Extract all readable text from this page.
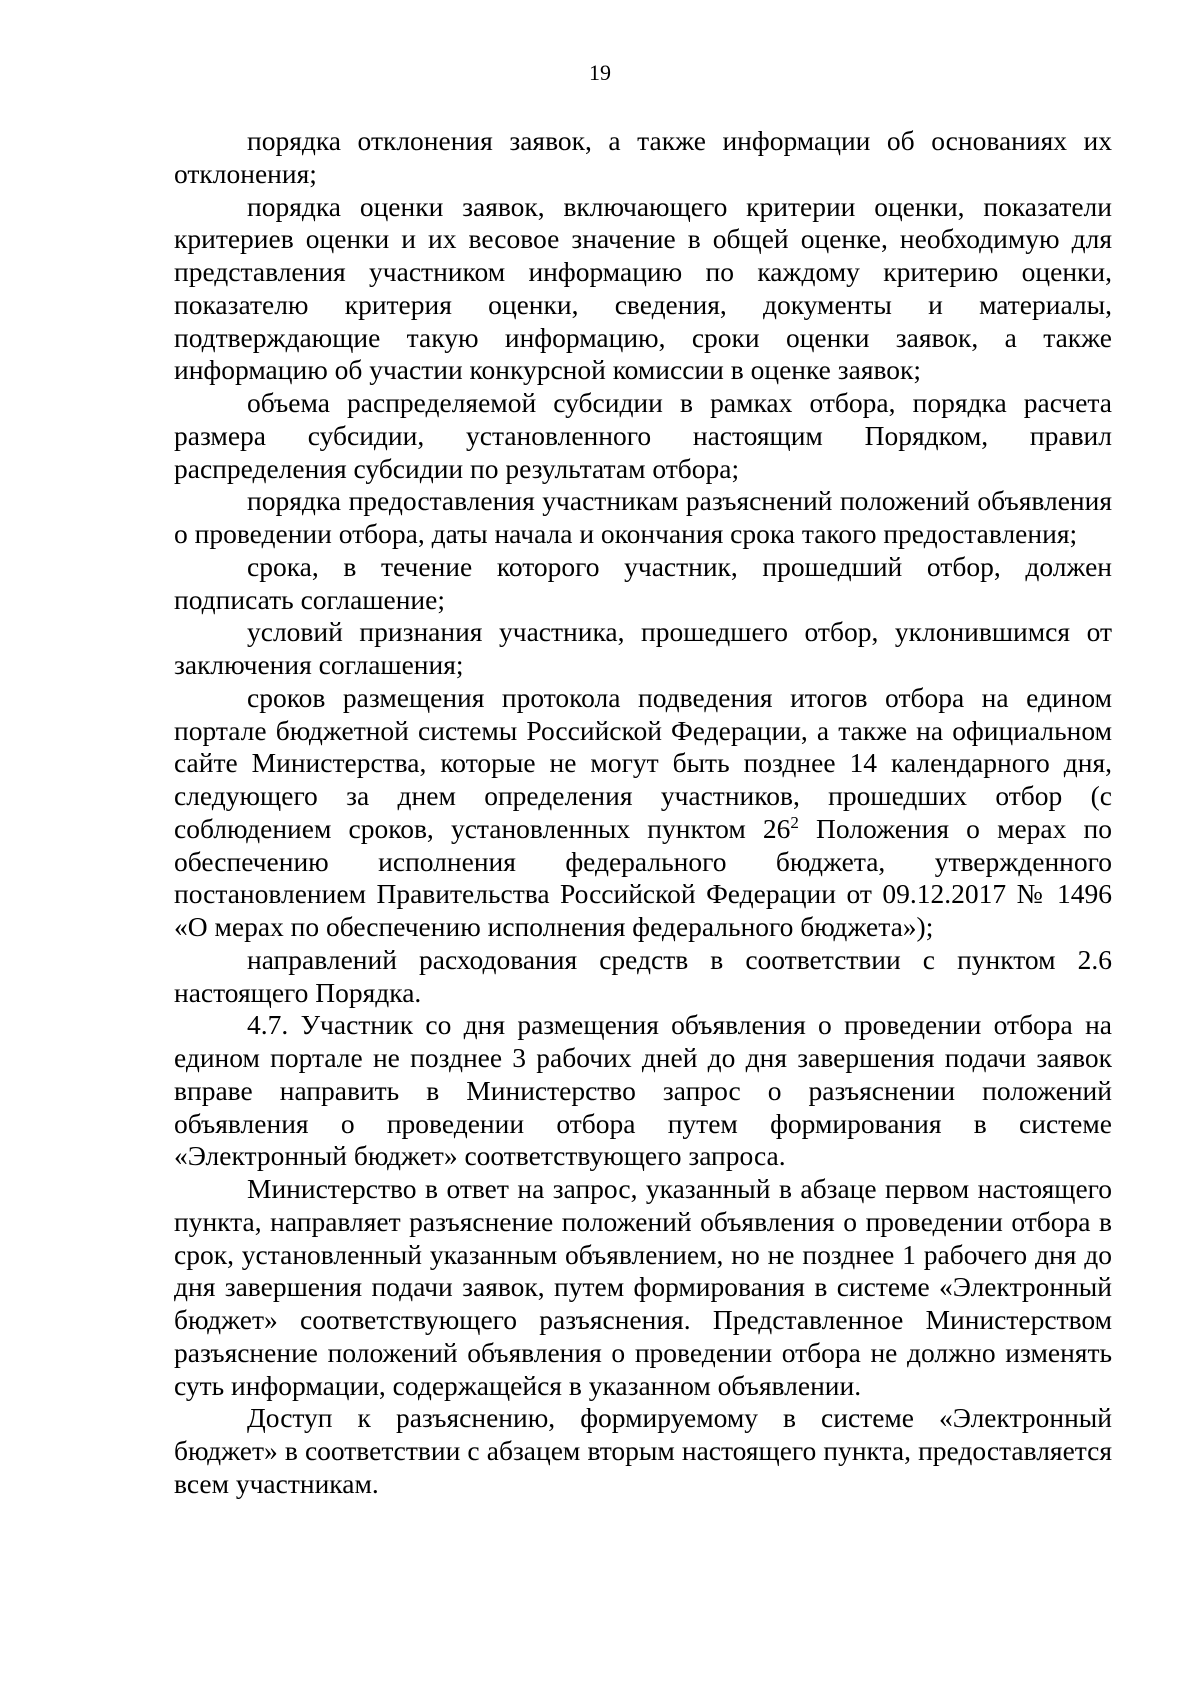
19

порядка отклонения заявок, а также информации об основаниях их отклонения;

порядка оценки заявок, включающего критерии оценки, показатели критериев оценки и их весовое значение в общей оценке, необходимую для представления участником информацию по каждому критерию оценки, показателю критерия оценки, сведения, документы и материалы, подтверждающие такую информацию, сроки оценки заявок, а также информацию об участии конкурсной комиссии в оценке заявок;

объема распределяемой субсидии в рамках отбора, порядка расчета размера субсидии, установленного настоящим Порядком, правил распределения субсидии по результатам отбора;

порядка предоставления участникам разъяснений положений объявления о проведении отбора, даты начала и окончания срока такого предоставления;

срока, в течение которого участник, прошедший отбор, должен подписать соглашение;

условий признания участника, прошедшего отбор, уклонившимся от заключения соглашения;

сроков размещения протокола подведения итогов отбора на едином портале бюджетной системы Российской Федерации, а также на официальном сайте Министерства, которые не могут быть позднее 14 календарного дня, следующего за днем определения участников, прошедших отбор (с соблюдением сроков, установленных пунктом $26^2$ Положения о мерах по обеспечению исполнения федерального бюджета, утвержденного постановлением Правительства Российской Федерации от 09.12.2017 № 1496 «О мерах по обеспечению исполнения федерального бюджета»);

направлений расходования средств в соответствии с пунктом 2.6 настоящего Порядка.

4.7. Участник со дня размещения объявления о проведении отбора на едином портале не позднее 3 рабочих дней до дня завершения подачи заявок вправе направить в Министерство запрос о разъяснении положений объявления о проведении отбора путем формирования в системе «Электронный бюджет» соответствующего запроса.

Министерство в ответ на запрос, указанный в абзаце первом настоящего пункта, направляет разъяснение положений объявления о проведении отбора в срок, установленный указанным объявлением, но не позднее 1 рабочего дня до дня завершения подачи заявок, путем формирования в системе «Электронный бюджет» соответствующего разъяснения. Представленное Министерством разъяснение положений объявления о проведении отбора не должно изменять суть информации, содержащейся в указанном объявлении.

Доступ к разъяснению, формируемому в системе «Электронный бюджет» в соответствии с абзацем вторым настоящего пункта, предоставляется всем участникам.
